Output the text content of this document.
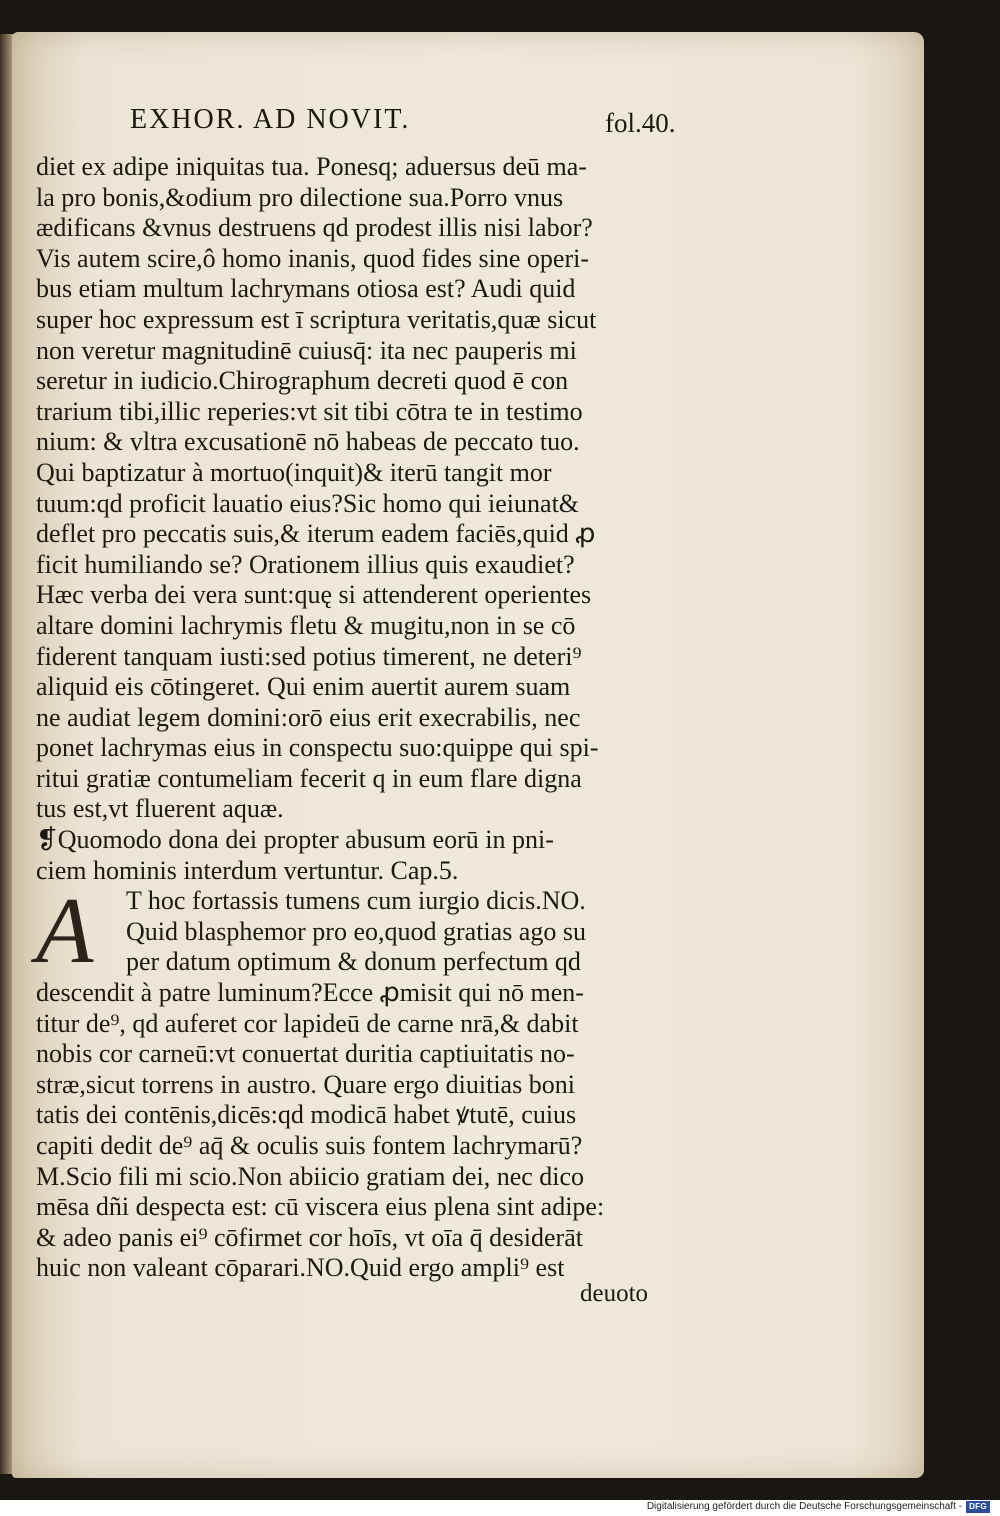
EXHOR. AD NOVIT.	fol.40.
diet ex adipe iniquitas tua. Ponesq; aduersus deū ma-
la pro bonis,&odium pro dilectione sua.Porro vnus
ædificans &vnus destruens qd prodest illis nisi labor?
Vis autem scire,ô homo inanis, quod fides sine operi-
bus etiam multum lachrymans otiosa est? Audi quid
super hoc expressum est ī scriptura veritatis,quæ sicut
non veretur magnitudinē cuiusq̄: ita nec pauperis mi
seretur in iudicio.Chirographum decreti quod ē con
trarium tibi,illic reperies:vt sit tibi cōtra te in testimo
nium: & vltra excusationē nō habeas de peccato tuo.
Qui baptizatur à mortuo(inquit)& iterū tangit mor
tuum:qd proficit lauatio eius?Sic homo qui ieiunat&
deflet pro peccatis suis,& iterum eadem faciēs,quid ꝓ
ficit humiliando se? Orationem illius quis exaudiet?
Hæc verba dei vera sunt:quę si attenderent operientes
altare domini lachrymis fletu & mugitu,non in se cō
fiderent tanquam iusti:sed potius timerent, ne deteri⁹
aliquid eis cōtingeret. Qui enim auertit aurem suam
ne audiat legem domini:orō eius erit execrabilis, nec
ponet lachrymas eius in conspectu suo:quippe qui spi-
ritui gratiæ contumeliam fecerit q in eum flare digna
tus est,vt fluerent aquæ.
❡Quomodo dona dei propter abusum eorū in pni-
ciem hominis interdum vertuntur. Cap.5.
T hoc fortassis tumens cum iurgio dicis.NO.
Quid blasphemor pro eo,quod gratias ago su
per datum optimum & donum perfectum qd
descendit à patre luminum?Ecce ꝓmisit qui nō men-
titur de⁹, qd auferet cor lapideū de carne nrā,& dabit
nobis cor carneū:vt conuertat duritia captiuitatis no-
stræ,sicut torrens in austro. Quare ergo diuitias boni
tatis dei contēnis,dicēs:qd modicā habet ꝟtutē, cuius
capiti dedit de⁹ aq̄ & oculis suis fontem lachrymarū?
M.Scio fili mi scio.Non abiicio gratiam dei, nec dico
mēsa dñi despecta est: cū viscera eius plena sint adipe:
& adeo panis ei⁹ cōfirmet cor hoīs, vt oīa q̄ desiderāt
huic non valeant cōparari.NO.Quid ergo ampli⁹ est
A
deuoto
Digitalisierung gefördert durch die Deutsche Forschungsgemeinschaft - DFG
